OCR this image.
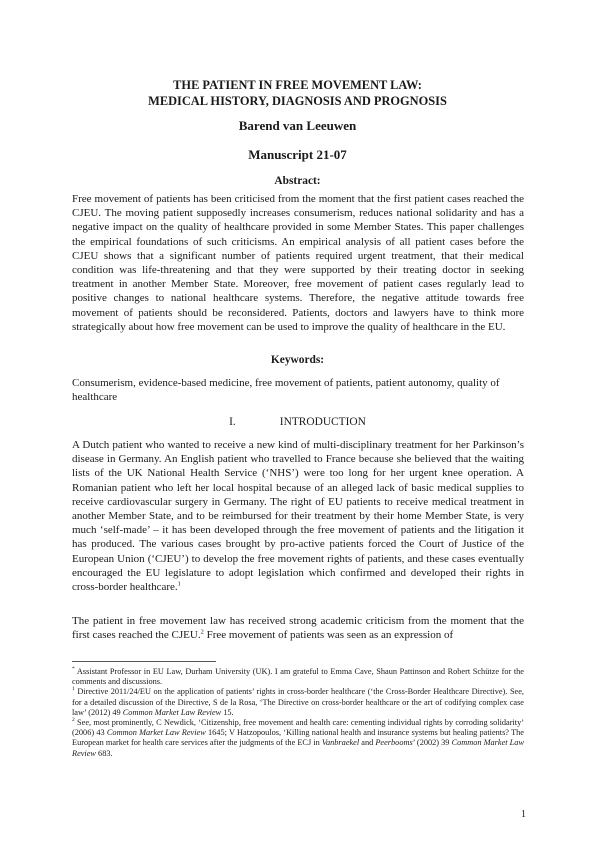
THE PATIENT IN FREE MOVEMENT LAW:
MEDICAL HISTORY, DIAGNOSIS AND PROGNOSIS
Barend van Leeuwen
Manuscript 21-07
Abstract:

Free movement of patients has been criticised from the moment that the first patient cases reached the CJEU. The moving patient supposedly increases consumerism, reduces national solidarity and has a negative impact on the quality of healthcare provided in some Member States. This paper challenges the empirical foundations of such criticisms. An empirical analysis of all patient cases before the CJEU shows that a significant number of patients required urgent treatment, that their medical condition was life-threatening and that they were supported by their treating doctor in seeking treatment in another Member State. Moreover, free movement of patient cases regularly lead to positive changes to national healthcare systems. Therefore, the negative attitude towards free movement of patients should be reconsidered. Patients, doctors and lawyers have to think more strategically about how free movement can be used to improve the quality of healthcare in the EU.

Keywords:

Consumerism, evidence-based medicine, free movement of patients, patient autonomy, quality of healthcare

I.	INTRODUCTION

A Dutch patient who wanted to receive a new kind of multi-disciplinary treatment for her Parkinson’s disease in Germany. An English patient who travelled to France because she believed that the waiting lists of the UK National Health Service (‘NHS’) were too long for her urgent knee operation. A Romanian patient who left her local hospital because of an alleged lack of basic medical supplies to receive cardiovascular surgery in Germany. The right of EU patients to receive medical treatment in another Member State, and to be reimbursed for their treatment by their home Member State, is very much ‘self-made’ – it has been developed through the free movement of patients and the litigation it has produced. The various cases brought by pro-active patients forced the Court of Justice of the European Union (‘CJEU’) to develop the free movement rights of patients, and these cases eventually encouraged the EU legislature to adopt legislation which confirmed and developed their rights in cross-border healthcare.$^1$

The patient in free movement law has received strong academic criticism from the moment that the first cases reached the CJEU.$^2$ Free movement of patients was seen as an expression of

* Assistant Professor in EU Law, Durham University (UK). I am grateful to Emma Cave, Shaun Pattinson and Robert Schütze for the comments and discussions.

$^1$ Directive 2011/24/EU on the application of patients’ rights in cross-border healthcare (‘the Cross-Border Healthcare Directive). See, for a detailed discussion of the Directive, S de la Rosa, ‘The Directive on cross-border healthcare or the art of codifying complex case law’ (2012) 49 Common Market Law Review 15.

$^2$ See, most prominently, C Newdick, ‘Citizenship, free movement and health care: cementing individual rights by corroding solidarity’ (2006) 43 Common Market Law Review 1645; V Hatzopoulos, ‘Killing national health and insurance systems but healing patients? The European market for health care services after the judgments of the ECJ in Vanbraekel and Peerbooms’ (2002) 39 Common Market Law Review 683.

1
